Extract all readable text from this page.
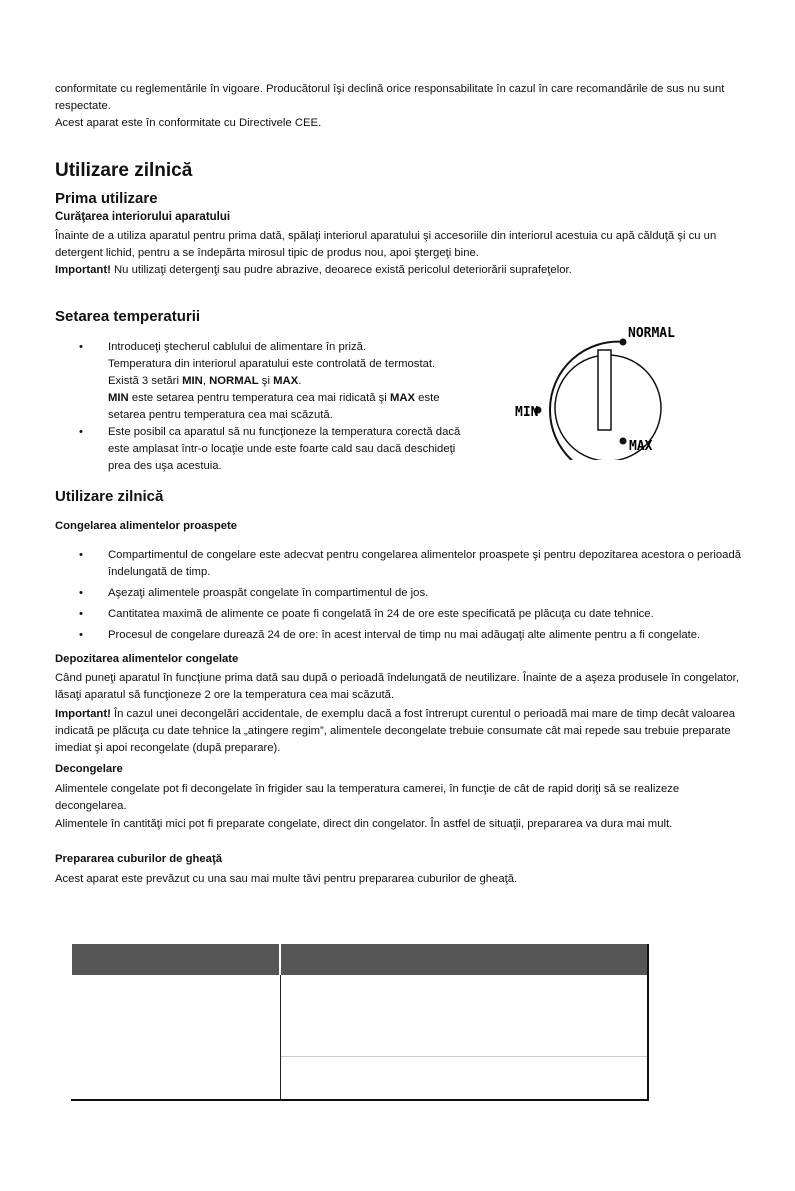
conformitate cu reglementările în vigoare. Producătorul îşi declină orice responsabilitate în cazul în care recomandările de sus nu sunt respectate.

Acest aparat este în conformitate cu Directivele CEE.

Utilizare zilnică
Prima utilizare
Curăţarea interiorului aparatului

Înainte de a utiliza aparatul pentru prima dată, spălaţi interiorul aparatului şi accesoriile din interiorul acestuia cu apă călduţă şi cu un detergent lichid, pentru a se îndepărta mirosul tipic de produs nou, apoi ştergeţi bine.

Important! Nu utilizaţi detergenţi sau pudre abrazive, deoarece există pericolul deteriorării suprafeţelor.

Setarea temperaturii
• Introduceţi ştecherul cablului de alimentare în priză.
Temperatura din interiorul aparatului este controlată de termostat.
Există 3 setări MIN, NORMAL şi MAX.
MIN este setarea pentru temperatura cea mai ridicată şi MAX este
setarea pentru temperatura cea mai scăzută.
• Este posibil ca aparatul să nu funcţioneze la temperatura corectă dacă este amplasat într-o locaţie unde este foarte cald sau dacă deschideţi prea des uşa acestuia.
NORMAL
MIN
MAX
Utilizare zilnică

Congelarea alimentelor proaspete

• Compartimentul de congelare este adecvat pentru congelarea alimentelor proaspete şi pentru depozitarea acestora o perioadă îndelungată de timp.
• Aşezaţi alimentele proaspăt congelate în compartimentul de jos.
• Cantitatea maximă de alimente ce poate fi congelată în 24 de ore este specificată pe plăcuţa cu date tehnice.
• Procesul de congelare durează 24 de ore: în acest interval de timp nu mai adăugaţi alte alimente pentru a fi congelate.

Depozitarea alimentelor congelate

Când puneţi aparatul în funcţiune prima dată sau după o perioadă îndelungată de neutilizare. Înainte de a aşeza produsele în congelator, lăsaţi aparatul să funcţioneze 2 ore la temperatura cea mai scăzută.

Important! În cazul unei decongelări accidentale, de exemplu dacă a fost întrerupt curentul o perioadă mai mare de timp decât valoarea indicată pe plăcuţa cu date tehnice la „atingere regim”, alimentele decongelate trebuie consumate cât mai repede sau trebuie preparate imediat şi apoi recongelate (după preparare).

Decongelare

Alimentele congelate pot fi decongelate în frigider sau la temperatura camerei, în funcţie de cât de rapid doriţi să se realizeze decongelarea.

Alimentele în cantităţi mici pot fi preparate congelate, direct din congelator. În astfel de situaţii, prepararea va dura mai mult.

Prepararea cuburilor de gheaţă

Acest aparat este prevăzut cu una sau mai multe tăvi pentru prepararea cuburilor de gheaţă.
